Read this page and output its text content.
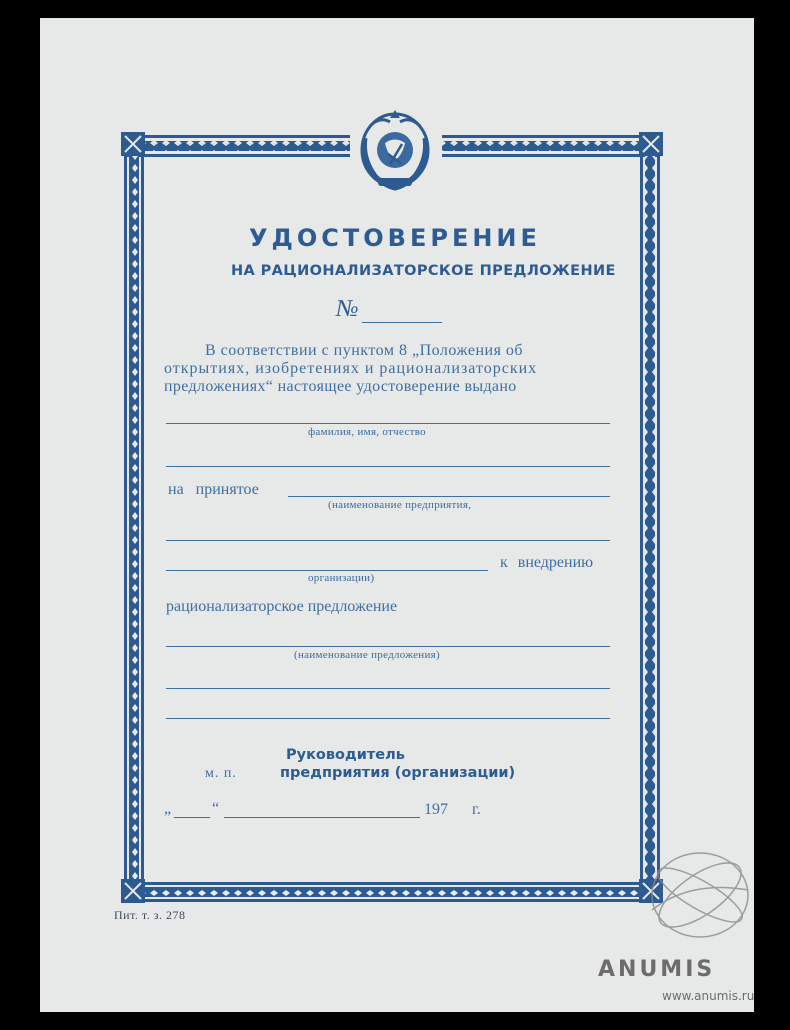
УДОСТОВЕРЕНИЕ
НА РАЦИОНАЛИЗАТОРСКОЕ ПРЕДЛОЖЕНИЕ
№
В соответствии с пунктом 8 „Положения об
открытиях, изобретениях и рационализаторских
предложениях“ настоящее удостоверение выдано
фамилия, имя, отчество
на принятое
(наименование предприятия,
к внедрению
организации)
рационализаторское предложение
(наименование предложения)
Руководитель
м. п.	предприятия (организации)
„	“	197 г.
Пит. т. з. 278
ANUMIS
www.anumis.ru
